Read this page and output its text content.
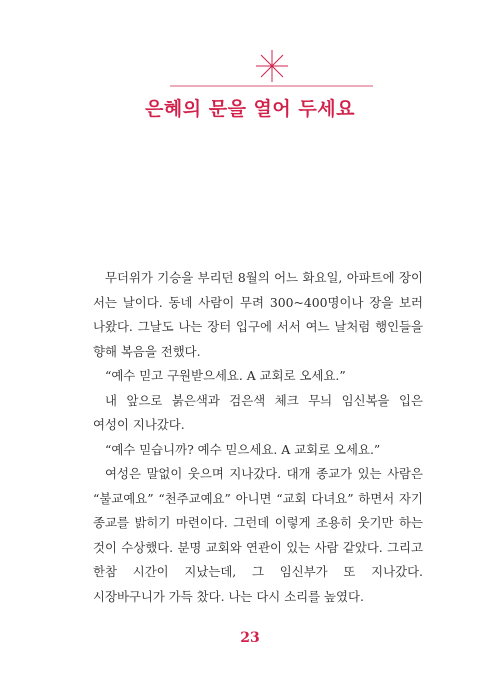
은혜의 문을 열어 두세요

무더위가 기승을 부리던 8월의 어느 화요일, 아파트에 장이 서는 날이다. 동네 사람이 무려 300~400명이나 장을 보러 나왔다. 그날도 나는 장터 입구에 서서 여느 날처럼 행인들을 향해 복음을 전했다.

“예수 믿고 구원받으세요. A 교회로 오세요.”

내 앞으로 붉은색과 검은색 체크 무늬 임신복을 입은 여성이 지나갔다.

“예수 믿습니까? 예수 믿으세요. A 교회로 오세요.”

여성은 말없이 웃으며 지나갔다. 대개 종교가 있는 사람은 “불교예요” “천주교예요” 아니면 “교회 다녀요” 하면서 자기 종교를 밝히기 마련이다. 그런데 이렇게 조용히 웃기만 하는 것이 수상했다. 분명 교회와 연관이 있는 사람 같았다. 그리고 한참 시간이 지났는데, 그 임신부가 또 지나갔다. 시장바구니가 가득 찼다. 나는 다시 소리를 높였다.

23
